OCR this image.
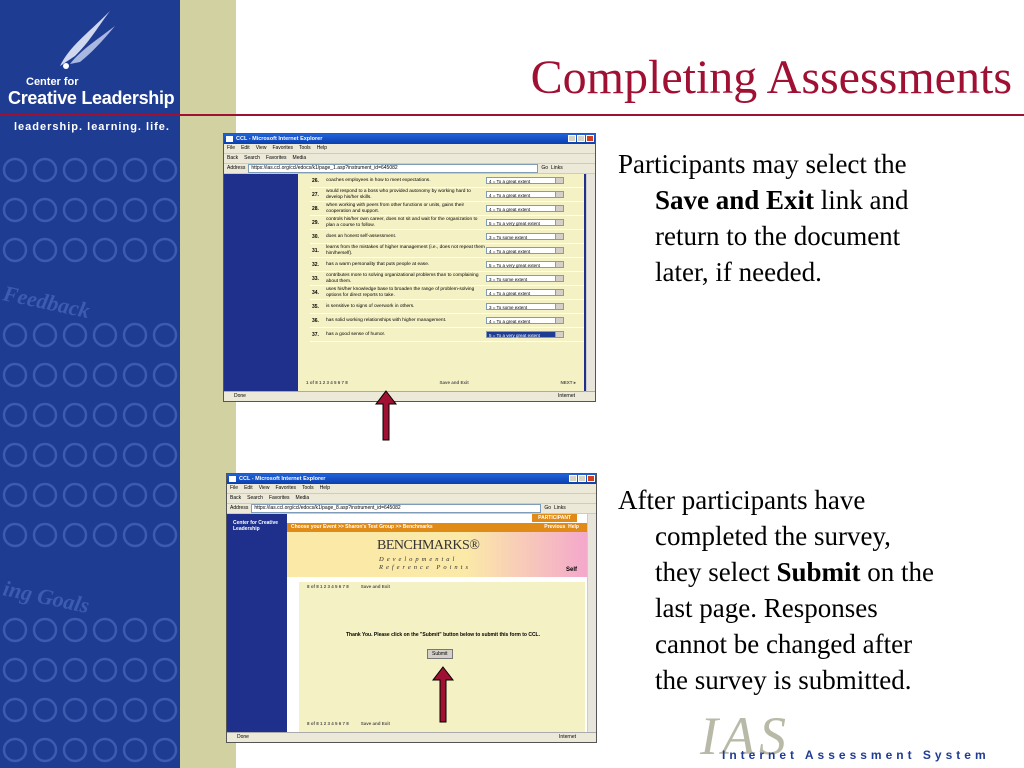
Center for
Creative Leadership
leadership. learning. life.
Feedback
ing Goals
Completing Assessments
CCL - Microsoft Internet Explorer
File Edit View Favorites Tools Help
Back Search Favorites Media
Address	https://ias.ccl.org/ccl/edocs/k1/page_1.asp?instrument_id=645082	Go Links
26.	coaches employees in how to meet expectations.	4 = To a great extent
27.	would respond to a boss who provided autonomy by working hard to develop his/her skills.	4 = To a great extent
28.	when working with peers from other functions or units, gains their cooperation and support.	4 = To a great extent
29.	controls his/her own career, does not sit and wait for the organization to plan a course to follow.	5 = To a very great extent
30.	does an honest self-assessment.	3 = To some extent
31.	learns from the mistakes of higher management (i.e., does not repeat them him/herself).	4 = To a great extent
32.	has a warm personality that puts people at ease.	5 = To a very great extent
33.	contributes more to solving organizational problems than to complaining about them.	3 = To some extent
34.	uses his/her knowledge base to broaden the range of problem-solving options for direct reports to take.	4 = To a great extent
35.	is sensitive to signs of overwork in others.	3 = To some extent
36.	has solid working relationships with higher management.	4 = To a great extent
37.	has a good sense of humor.	5 = To a very great extent
1 of 8 1 2 3 4 5 6 7 8	Save and Exit	NEXT ▸
Done	Internet
CCL - Microsoft Internet Explorer
File Edit View Favorites Tools Help
Back Search Favorites Media
Address	https://ias.ccl.org/ccl/edocs/k1/page_8.asp?instrument_id=645082	Go Links
Center for Creative Leadership
PARTICIPANT
Choose your Event >> Sharon's Test Group >> Benchmarks	Previous Help
BENCHMARKS®
Developmental
Reference Points	Self
8 of 8 1 2 3 4 5 6 7 8	Save and Exit
Thank You. Please click on the "Submit" button below to submit this form to CCL.
Submit
8 of 8 1 2 3 4 5 6 7 8	Save and Exit
Done	Internet
Participants may select the
Save and Exit link and
return to the document
later, if needed.
After participants have
completed the survey,
they select Submit on the
last page. Responses
cannot be changed after
the survey is submitted.
IAS
Internet Assessment System
